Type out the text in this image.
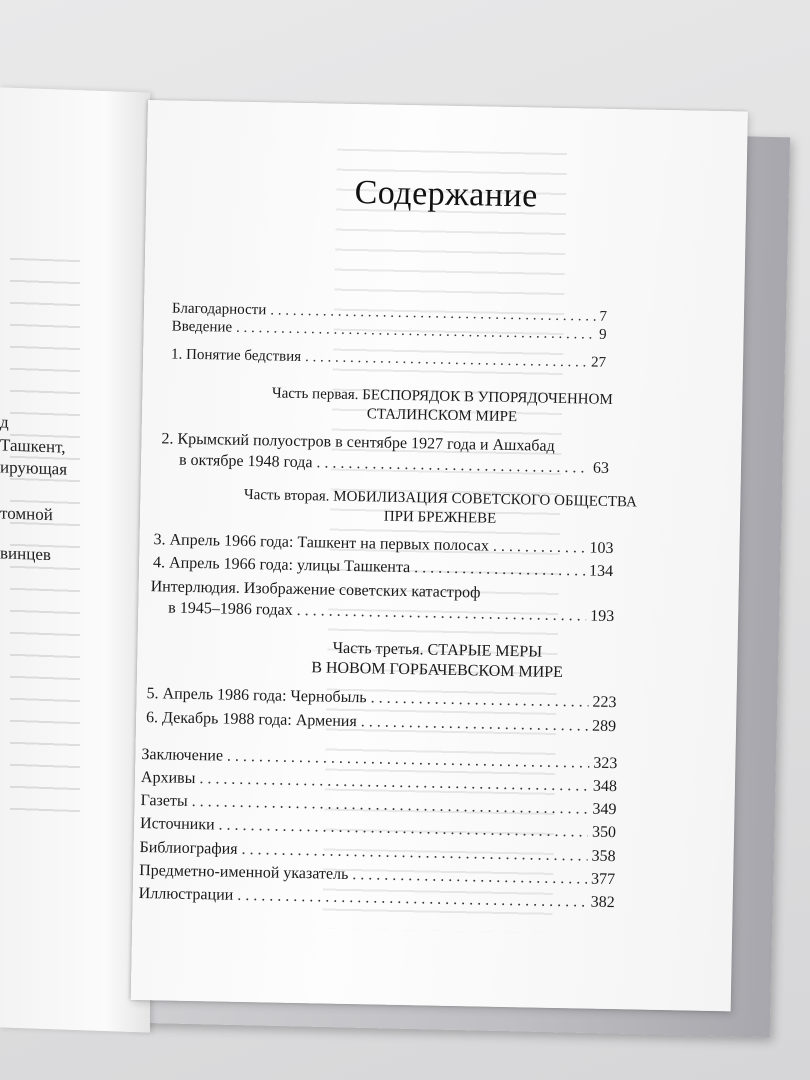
д
Ташкент,
ирующая
томной
винцев
Содержание
Благодарности . . .	7
Введение . . .	9
1. Понятие бедствия . . .	27
Часть первая. БЕСПОРЯДОК В УПОРЯДОЧЕННОМ
СТАЛИНСКОМ МИРЕ
2. Крымский полуостров в сентябре 1927 года и Ашхабад
в октябре 1948 года . . .	63
Часть вторая. МОБИЛИЗАЦИЯ СОВЕТСКОГО ОБЩЕСТВА
ПРИ БРЕЖНЕВЕ
3. Апрель 1966 года: Ташкент на первых полосах . . .	103
4. Апрель 1966 года: улицы Ташкента . . .	134
Интерлюдия. Изображение советских катастроф
в 1945–1986 годах . . .	193
Часть третья. СТАРЫЕ МЕРЫ
В НОВОМ ГОРБАЧЕВСКОМ МИРЕ
5. Апрель 1986 года: Чернобыль . . .	223
6. Декабрь 1988 года: Армения . . .	289
Заключение . . .	323
Архивы . . .	348
Газеты . . .	349
Источники . . .	350
Библиография . . .	358
Предметно-именной указатель . . .	377
Иллюстрации . . .	382
